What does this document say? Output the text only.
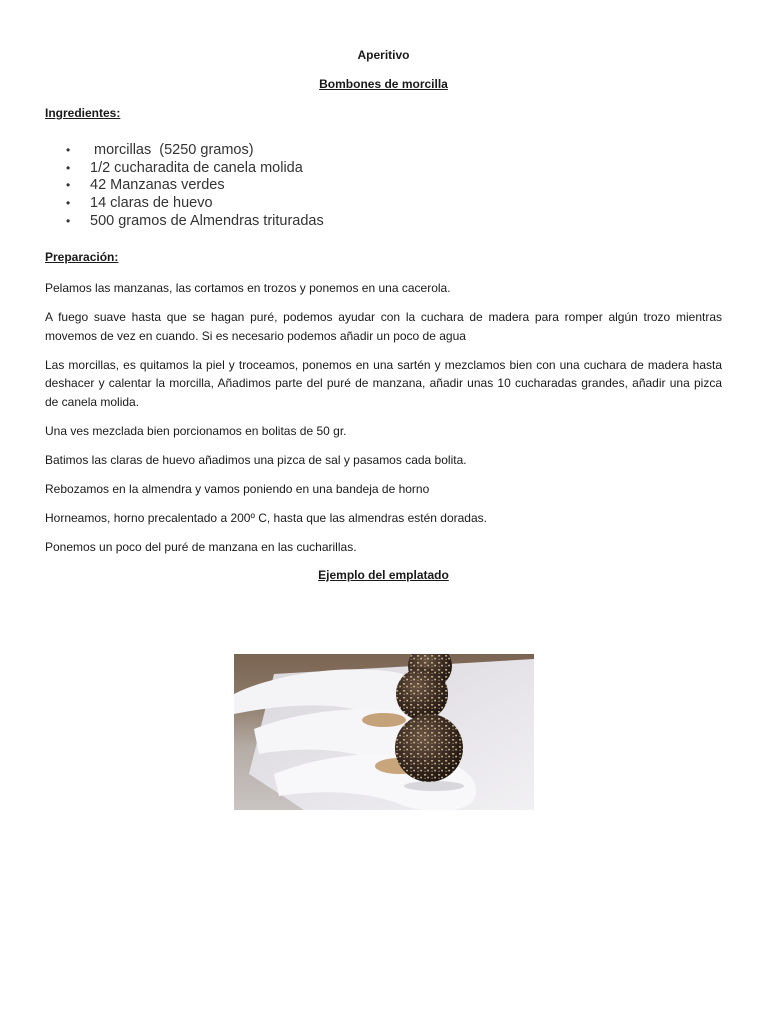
Aperitivo
Bombones de morcilla
Ingredientes:
• morcillas  (5250 gramos)
• 1/2 cucharadita de canela molida
• 42 Manzanas verdes
• 14 claras de huevo
• 500 gramos de Almendras trituradas
Preparación:

Pelamos las manzanas, las cortamos en trozos y ponemos en una cacerola.

A fuego suave hasta que se hagan puré, podemos ayudar con la cuchara de madera para romper algún trozo mientras movemos de vez en cuando. Si es necesario podemos añadir un poco de agua

Las morcillas, es quitamos la piel y troceamos, ponemos en una sartén y mezclamos bien con una cuchara de madera hasta deshacer y calentar la morcilla, Añadimos parte del puré de manzana, añadir unas 10 cucharadas grandes, añadir una pizca de canela molida.

Una ves mezclada bien porcionamos en bolitas de 50 gr.

Batimos las claras de huevo añadimos una pizca de sal y pasamos cada bolita.

Rebozamos en la almendra y vamos poniendo en una bandeja de horno

Horneamos, horno precalentado a 200º C, hasta que las almendras estén doradas.

Ponemos un poco del puré de manzana en las cucharillas.

Ejemplo del emplatado
